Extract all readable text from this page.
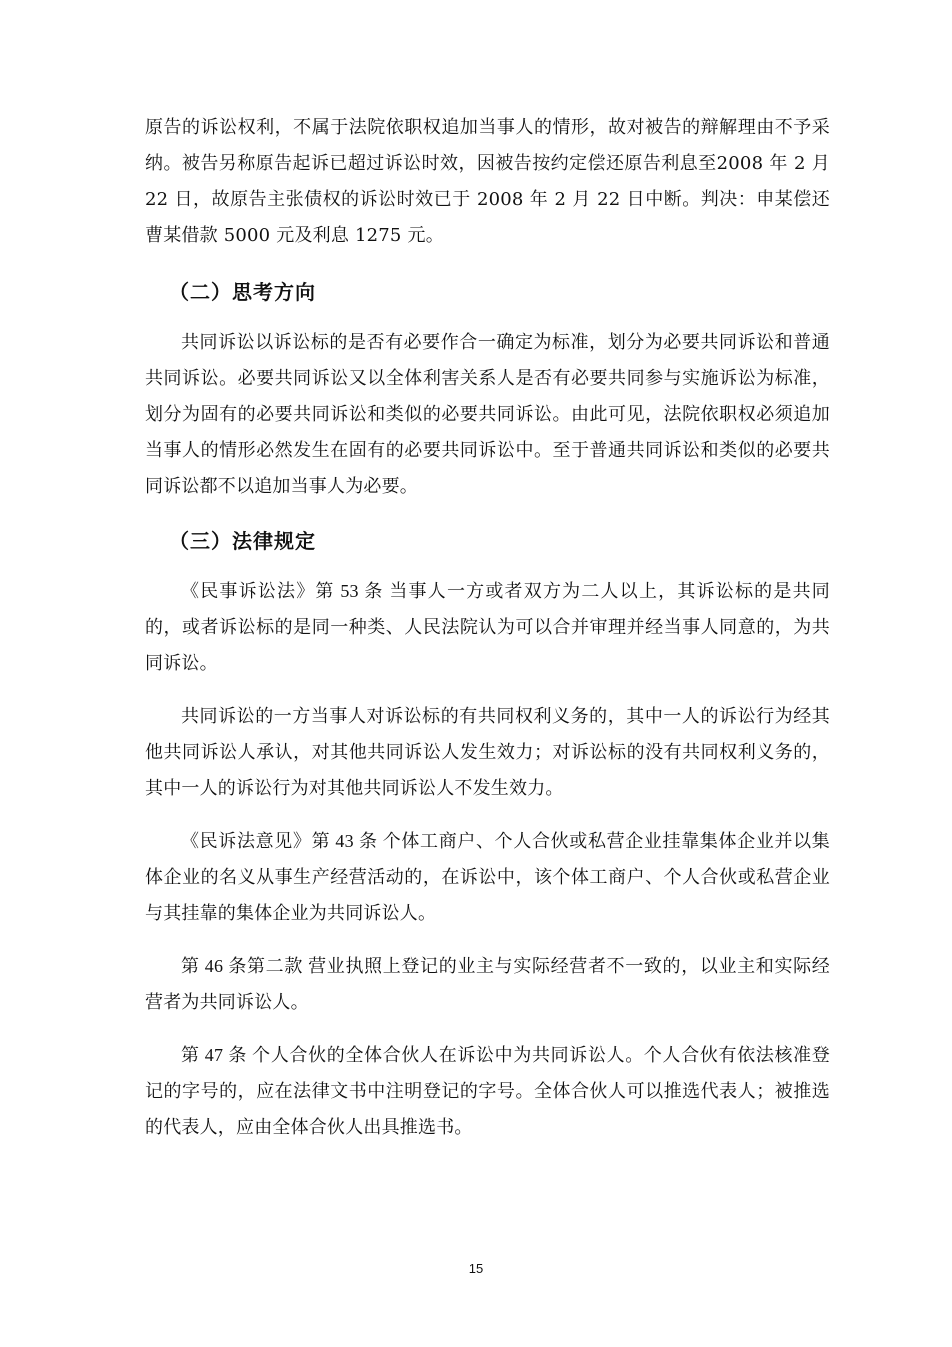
原告的诉讼权利，不属于法院依职权追加当事人的情形，故对被告的辩解理由不予采纳。被告另称原告起诉已超过诉讼时效，因被告按约定偿还原告利息至2008 年 2 月 22 日，故原告主张债权的诉讼时效已于 2008 年 2 月 22 日中断。判决：申某偿还曹某借款 5000 元及利息 1275 元。

（二）思考方向

共同诉讼以诉讼标的是否有必要作合一确定为标准，划分为必要共同诉讼和普通共同诉讼。必要共同诉讼又以全体利害关系人是否有必要共同参与实施诉讼为标准，划分为固有的必要共同诉讼和类似的必要共同诉讼。由此可见，法院依职权必须追加当事人的情形必然发生在固有的必要共同诉讼中。至于普通共同诉讼和类似的必要共同诉讼都不以追加当事人为必要。

（三）法律规定

《民事诉讼法》第 53 条 当事人一方或者双方为二人以上，其诉讼标的是共同的，或者诉讼标的是同一种类、人民法院认为可以合并审理并经当事人同意的，为共同诉讼。

共同诉讼的一方当事人对诉讼标的有共同权利义务的，其中一人的诉讼行为经其他共同诉讼人承认，对其他共同诉讼人发生效力；对诉讼标的没有共同权利义务的，其中一人的诉讼行为对其他共同诉讼人不发生效力。

《民诉法意见》第 43 条 个体工商户、个人合伙或私营企业挂靠集体企业并以集体企业的名义从事生产经营活动的，在诉讼中，该个体工商户、个人合伙或私营企业与其挂靠的集体企业为共同诉讼人。

第 46 条第二款 营业执照上登记的业主与实际经营者不一致的，以业主和实际经营者为共同诉讼人。

第 47 条 个人合伙的全体合伙人在诉讼中为共同诉讼人。个人合伙有依法核准登记的字号的，应在法律文书中注明登记的字号。全体合伙人可以推选代表人；被推选的代表人，应由全体合伙人出具推选书。

15
